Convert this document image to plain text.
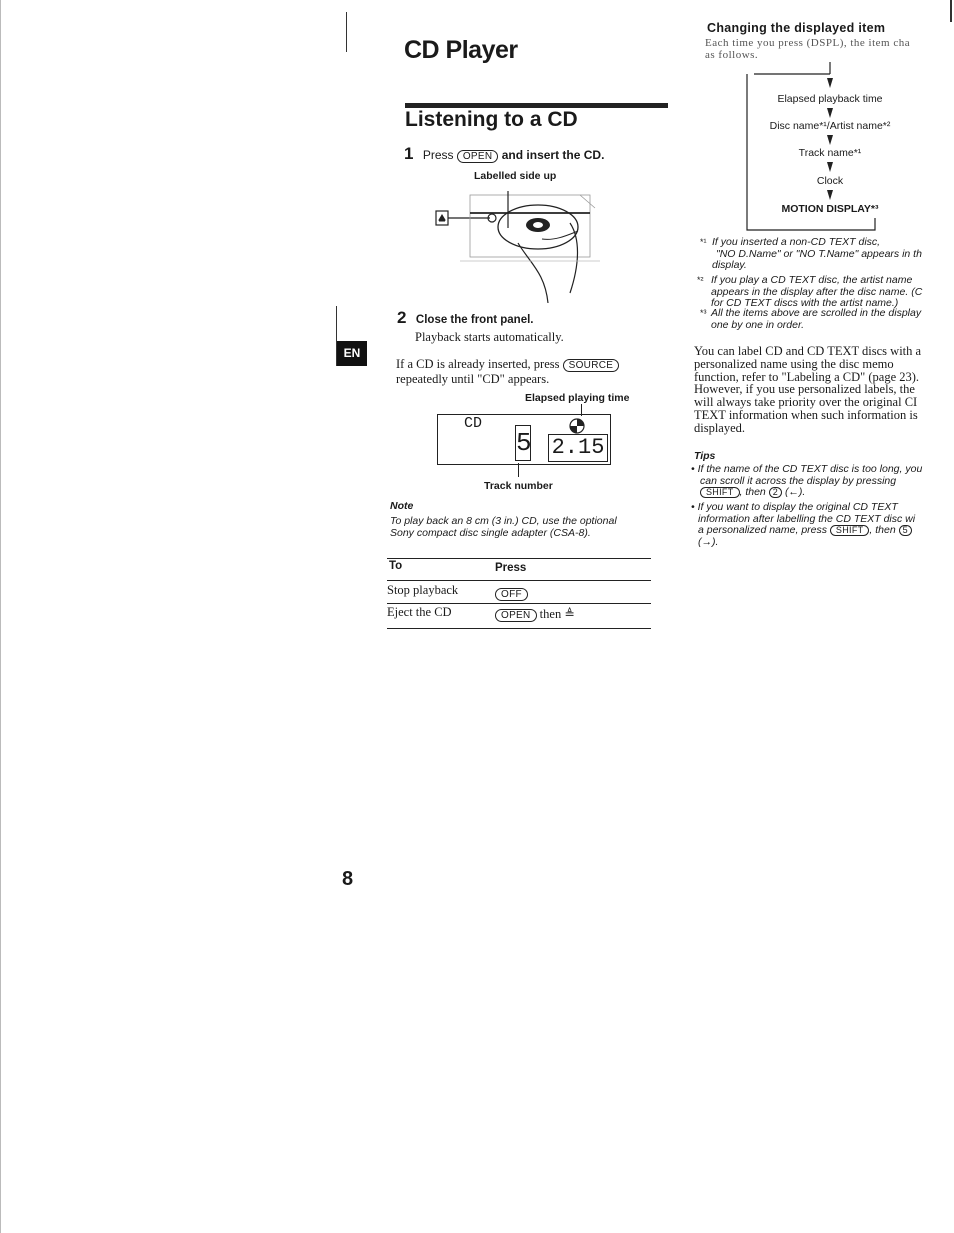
CD Player
Listening to a CD
1 Press OPEN and insert the CD.
Labelled side up
2 Close the front panel.
Playback starts automatically.
EN
If a CD is already inserted, press SOURCE
repeatedly until "CD" appears.
Elapsed playing time
CD
5 2.15
Track number
Note
To play back an 8 cm (3 in.) CD, use the optional
Sony compact disc single adapter (CSA-8).
To	Press
Stop playback	OFF
Eject the CD	OPEN then ≜
8
Changing the displayed item
Each time you press (DSPL), the item cha
as follows.
Elapsed playback time
Disc name*¹/Artist name*²
Track name*¹
Clock
MOTION DISPLAY*³
*¹ If you inserted a non-CD TEXT disc,
"NO D.Name" or "NO T.Name" appears in th
display.
*² If you play a CD TEXT disc, the artist name
appears in the display after the disc name. (C
for CD TEXT discs with the artist name.)
*³ All the items above are scrolled in the display
one by one in order.
You can label CD and CD TEXT discs with a
personalized name using the disc memo
function, refer to "Labeling a CD" (page 23).
However, if you use personalized labels, the
will always take priority over the original CI
TEXT information when such information is
displayed.
Tips
• If the name of the CD TEXT disc is too long, you
can scroll it across the display by pressing
SHIFT , then 2 (←).
• If you want to display the original CD TEXT
information after labelling the CD TEXT disc wi
a personalized name, press SHIFT , then 5
(→).
